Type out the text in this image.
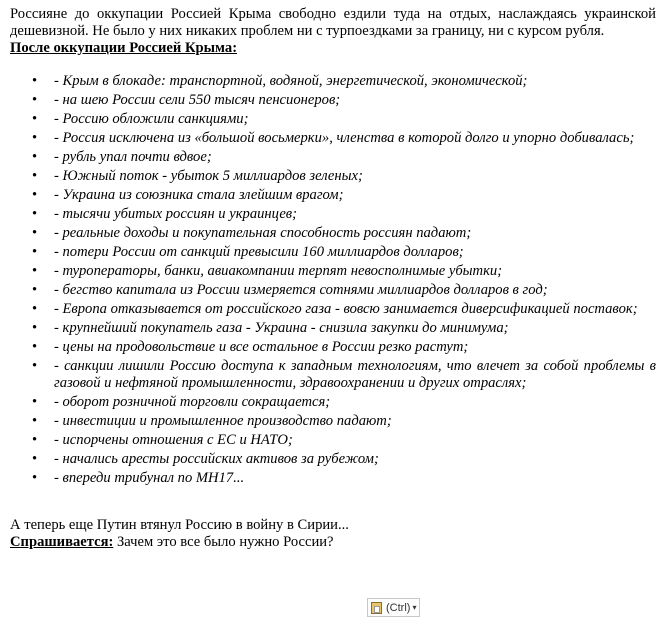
Россияне до оккупации Россией Крыма свободно ездили туда на отдых, наслаждаясь украинской дешевизной. Не было у них никаких проблем ни с турпоездками за границу, ни с курсом рубля.

После оккупации Россией Крыма:

• - Крым в блокаде: транспортной, водяной, энергетической, экономической;
• - на шею России сели 550 тысяч пенсионеров;
• - Россию обложили санкциями;
• - Россия исключена из «большой восьмерки», членства в которой долго и упорно добивалась;
• - рубль упал почти вдвое;
• - Южный поток - убыток 5 миллиардов зеленых;
• - Украина из союзника стала злейшим врагом;
• - тысячи убитых россиян и украинцев;
• - реальные доходы и покупательная способность россиян падают;
• - потери России от санкций превысили 160 миллиардов долларов;
• - туроператоры, банки, авиакомпании терпят невосполнимые убытки;
• - бегство капитала из России измеряется сотнями миллиардов долларов в год;
• - Европа отказывается от российского газа - вовсю занимается диверсификацией поставок;
• - крупнейший покупатель газа - Украина - снизила закупки до минимума;
• - цены на продовольствие и все остальное в России резко растут;
• - санкции лишили Россию доступа к западным технологиям, что влечет за собой проблемы в газовой и нефтяной промышленности, здравоохранении и других отраслях;
• - оборот розничной торговли сокращается;
• - инвестиции и промышленное производство падают;
• - испорчены отношения с ЕС и НАТО;
• - начались аресты российских активов за рубежом;
• - впереди трибунал по МН17...

А теперь еще Путин втянул Россию в войну в Сирии...

Спрашивается: Зачем это все было нужно России?

(Ctrl) ▾
